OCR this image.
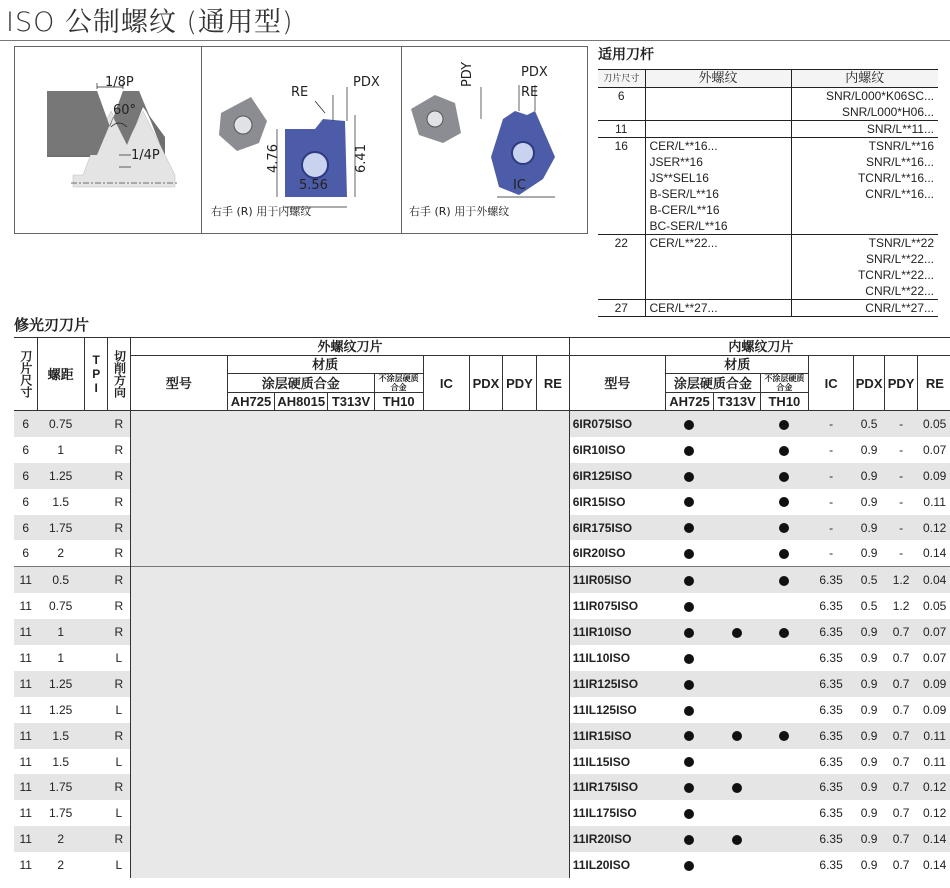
ISO 公制螺纹 (通用型)
1/8P
60°
1/4P
RE
PDX
4.76	6.41
5.56
PDY	PDX
RE
IC
右手 (R) 用于内螺纹	右手 (R) 用于外螺纹
适用刀杆
刀片尺寸	外螺纹	内螺纹
6		SNR/L000*K06SC...
		SNR/L000*H06...
11		SNR/L**11...
16	CER/L**16...	TSNR/L**16
	JSER**16	SNR/L**16...
	JS**SEL16	TCNR/L**16...
	B-SER/L**16	CNR/L**16...
	B-CER/L**16	
	BC-SER/L**16	
22	CER/L**22...	TSNR/L**22
		SNR/L**22...
		TCNR/L**22...
		CNR/L**22...
27	CER/L**27...	CNR/L**27...
修光刃刀片
刀片尺寸	螺距	TPI	切削方向	外螺纹刀片									内螺纹刀片							
				型号	材质				IC	PDX	PDY	RE	型号	材质			IC	PDX	PDY	RE
					涂层硬质合金			不涂层硬质合金						涂层硬质合金		不涂层硬质合金				
					AH725	AH8015	T313V	TH10						AH725	T313V	TH10				
6	0.75		R										6IR075ISO				-	0.5	-	0.05
6	1		R										6IR10ISO				-	0.9	-	0.07
6	1.25		R										6IR125ISO				-	0.9	-	0.09
6	1.5		R										6IR15ISO				-	0.9	-	0.11
6	1.75		R										6IR175ISO				-	0.9	-	0.12
6	2		R										6IR20ISO				-	0.9	-	0.14
11	0.5		R										11IR05ISO				6.35	0.5	1.2	0.04
11	0.75		R										11IR075ISO				6.35	0.5	1.2	0.05
11	1		R										11IR10ISO				6.35	0.9	0.7	0.07
11	1		L										11IL10ISO				6.35	0.9	0.7	0.07
11	1.25		R										11IR125ISO				6.35	0.9	0.7	0.09
11	1.25		L										11IL125ISO				6.35	0.9	0.7	0.09
11	1.5		R										11IR15ISO				6.35	0.9	0.7	0.11
11	1.5		L										11IL15ISO				6.35	0.9	0.7	0.11
11	1.75		R										11IR175ISO				6.35	0.9	0.7	0.12
11	1.75		L										11IL175ISO				6.35	0.9	0.7	0.12
11	2		R										11IR20ISO				6.35	0.9	0.7	0.14
11	2		L										11IL20ISO				6.35	0.9	0.7	0.14
